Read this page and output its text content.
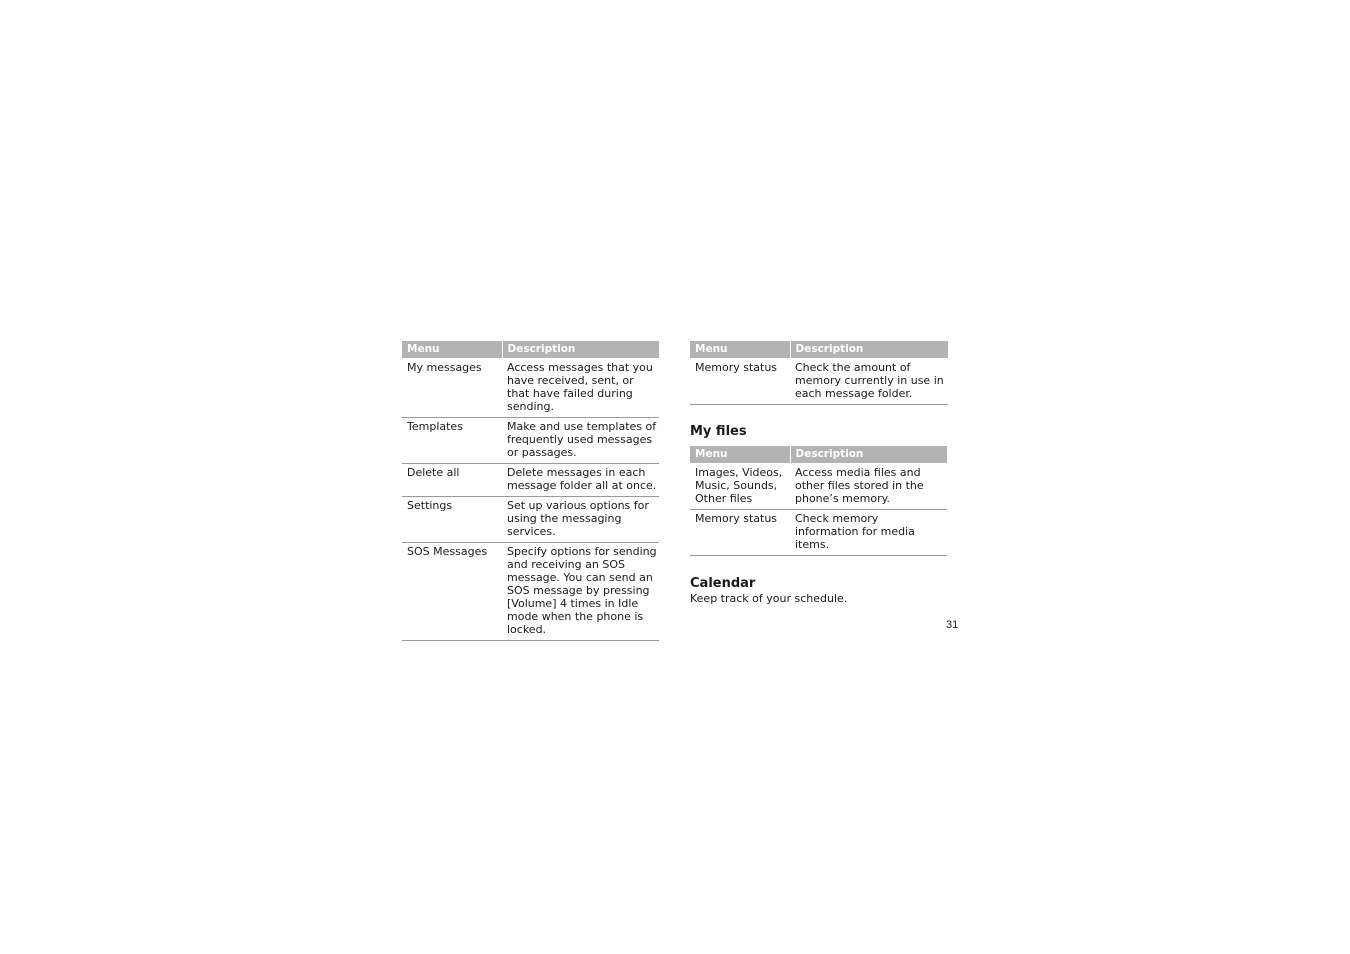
Menu	Description
My messages	Access messages that you have received, sent, or that have failed during sending.
Templates	Make and use templates of frequently used messages or passages.
Delete all	Delete messages in each message folder all at once.
Settings	Set up various options for using the messaging services.
SOS Messages	Specify options for sending and receiving an SOS message. You can send an SOS message by pressing [Volume] 4 times in Idle mode when the phone is locked.
Menu	Description
Memory status	Check the amount of memory currently in use in each message folder.
My files
Menu	Description
Images, Videos, Music, Sounds, Other files	Access media files and other files stored in the phone’s memory.
Memory status	Check memory information for media items.
Calendar

Keep track of your schedule.

31
